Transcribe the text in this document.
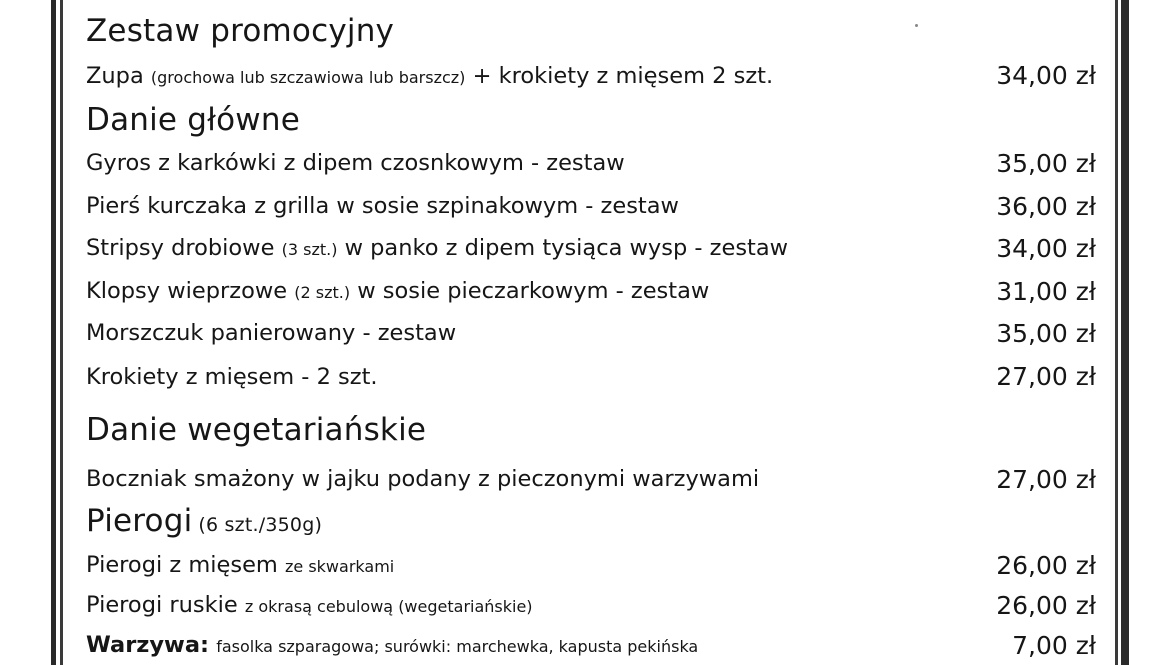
Zestaw promocyjny
Zupa (grochowa lub szczawiowa lub barszcz) + krokiety z mięsem 2 szt.	34,00 zł
Danie główne
Gyros z karkówki z dipem czosnkowym - zestaw	35,00 zł
Pierś kurczaka z grilla w sosie szpinakowym - zestaw	36,00 zł
Stripsy drobiowe (3 szt.) w panko z dipem tysiąca wysp - zestaw	34,00 zł
Klopsy wieprzowe (2 szt.) w sosie pieczarkowym - zestaw	31,00 zł
Morszczuk panierowany - zestaw	35,00 zł
Krokiety z mięsem - 2 szt.	27,00 zł
Danie wegetariańskie
Boczniak smażony w jajku podany z pieczonymi warzywami	27,00 zł
Pierogi (6 szt./350g)
Pierogi z mięsem ze skwarkami	26,00 zł
Pierogi ruskie z okrasą cebulową (wegetariańskie)	26,00 zł
Warzywa: fasolka szparagowa; surówki: marchewka, kapusta pekińska	7,00 zł
